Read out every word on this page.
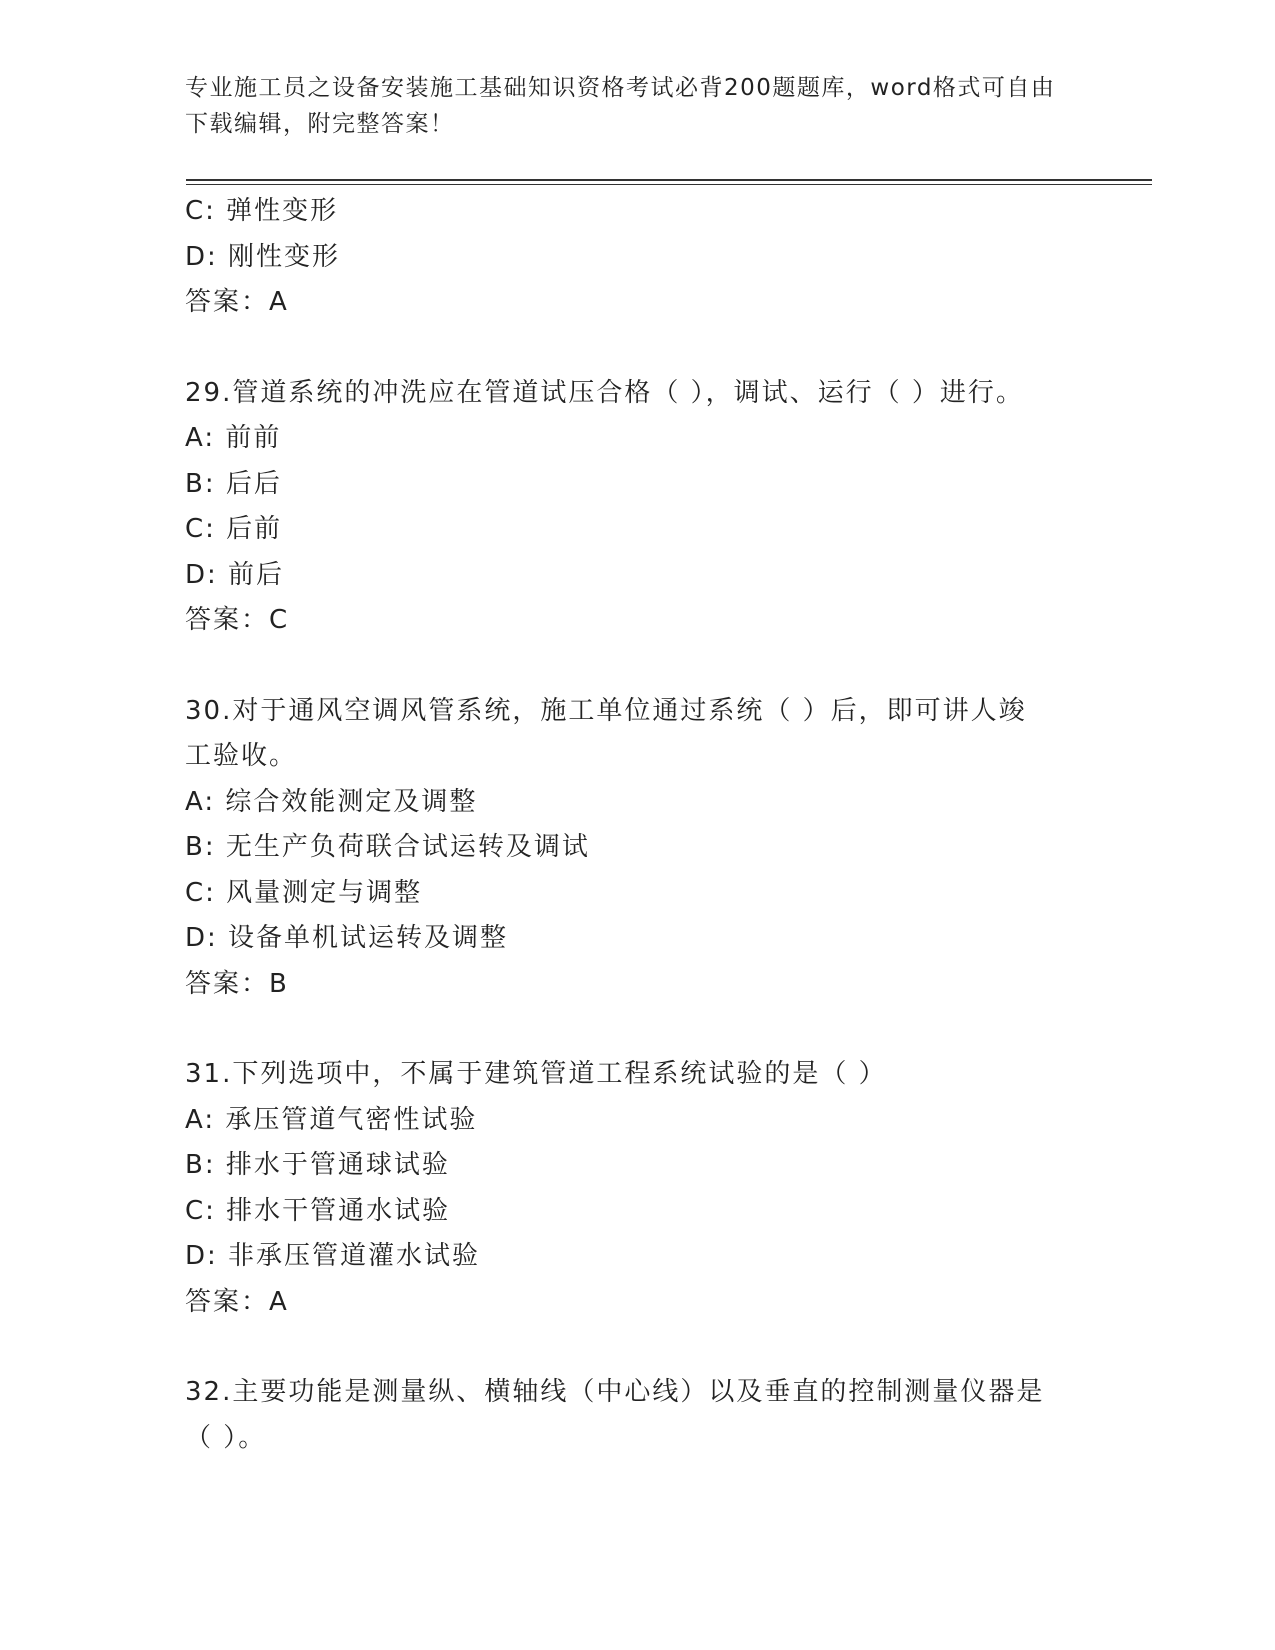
专业施工员之设备安装施工基础知识资格考试必背200题题库，word格式可自由
下载编辑，附完整答案！
C: 弹性变形
D: 刚性变形
答案：A
29.管道系统的冲洗应在管道试压合格（ ），调试、运行（ ）进行。
A: 前前
B: 后后
C: 后前
D: 前后
答案：C
30.对于通风空调风管系统，施工单位通过系统（ ）后，即可讲人竣
工验收。
A: 综合效能测定及调整
B: 无生产负荷联合试运转及调试
C: 风量测定与调整
D: 设备单机试运转及调整
答案：B
31.下列选项中，不属于建筑管道工程系统试验的是（ ）
A: 承压管道气密性试验
B: 排水于管通球试验
C: 排水干管通水试验
D: 非承压管道灌水试验
答案：A
32.主要功能是测量纵、横轴线（中心线）以及垂直的控制测量仪器是
（ ）。
